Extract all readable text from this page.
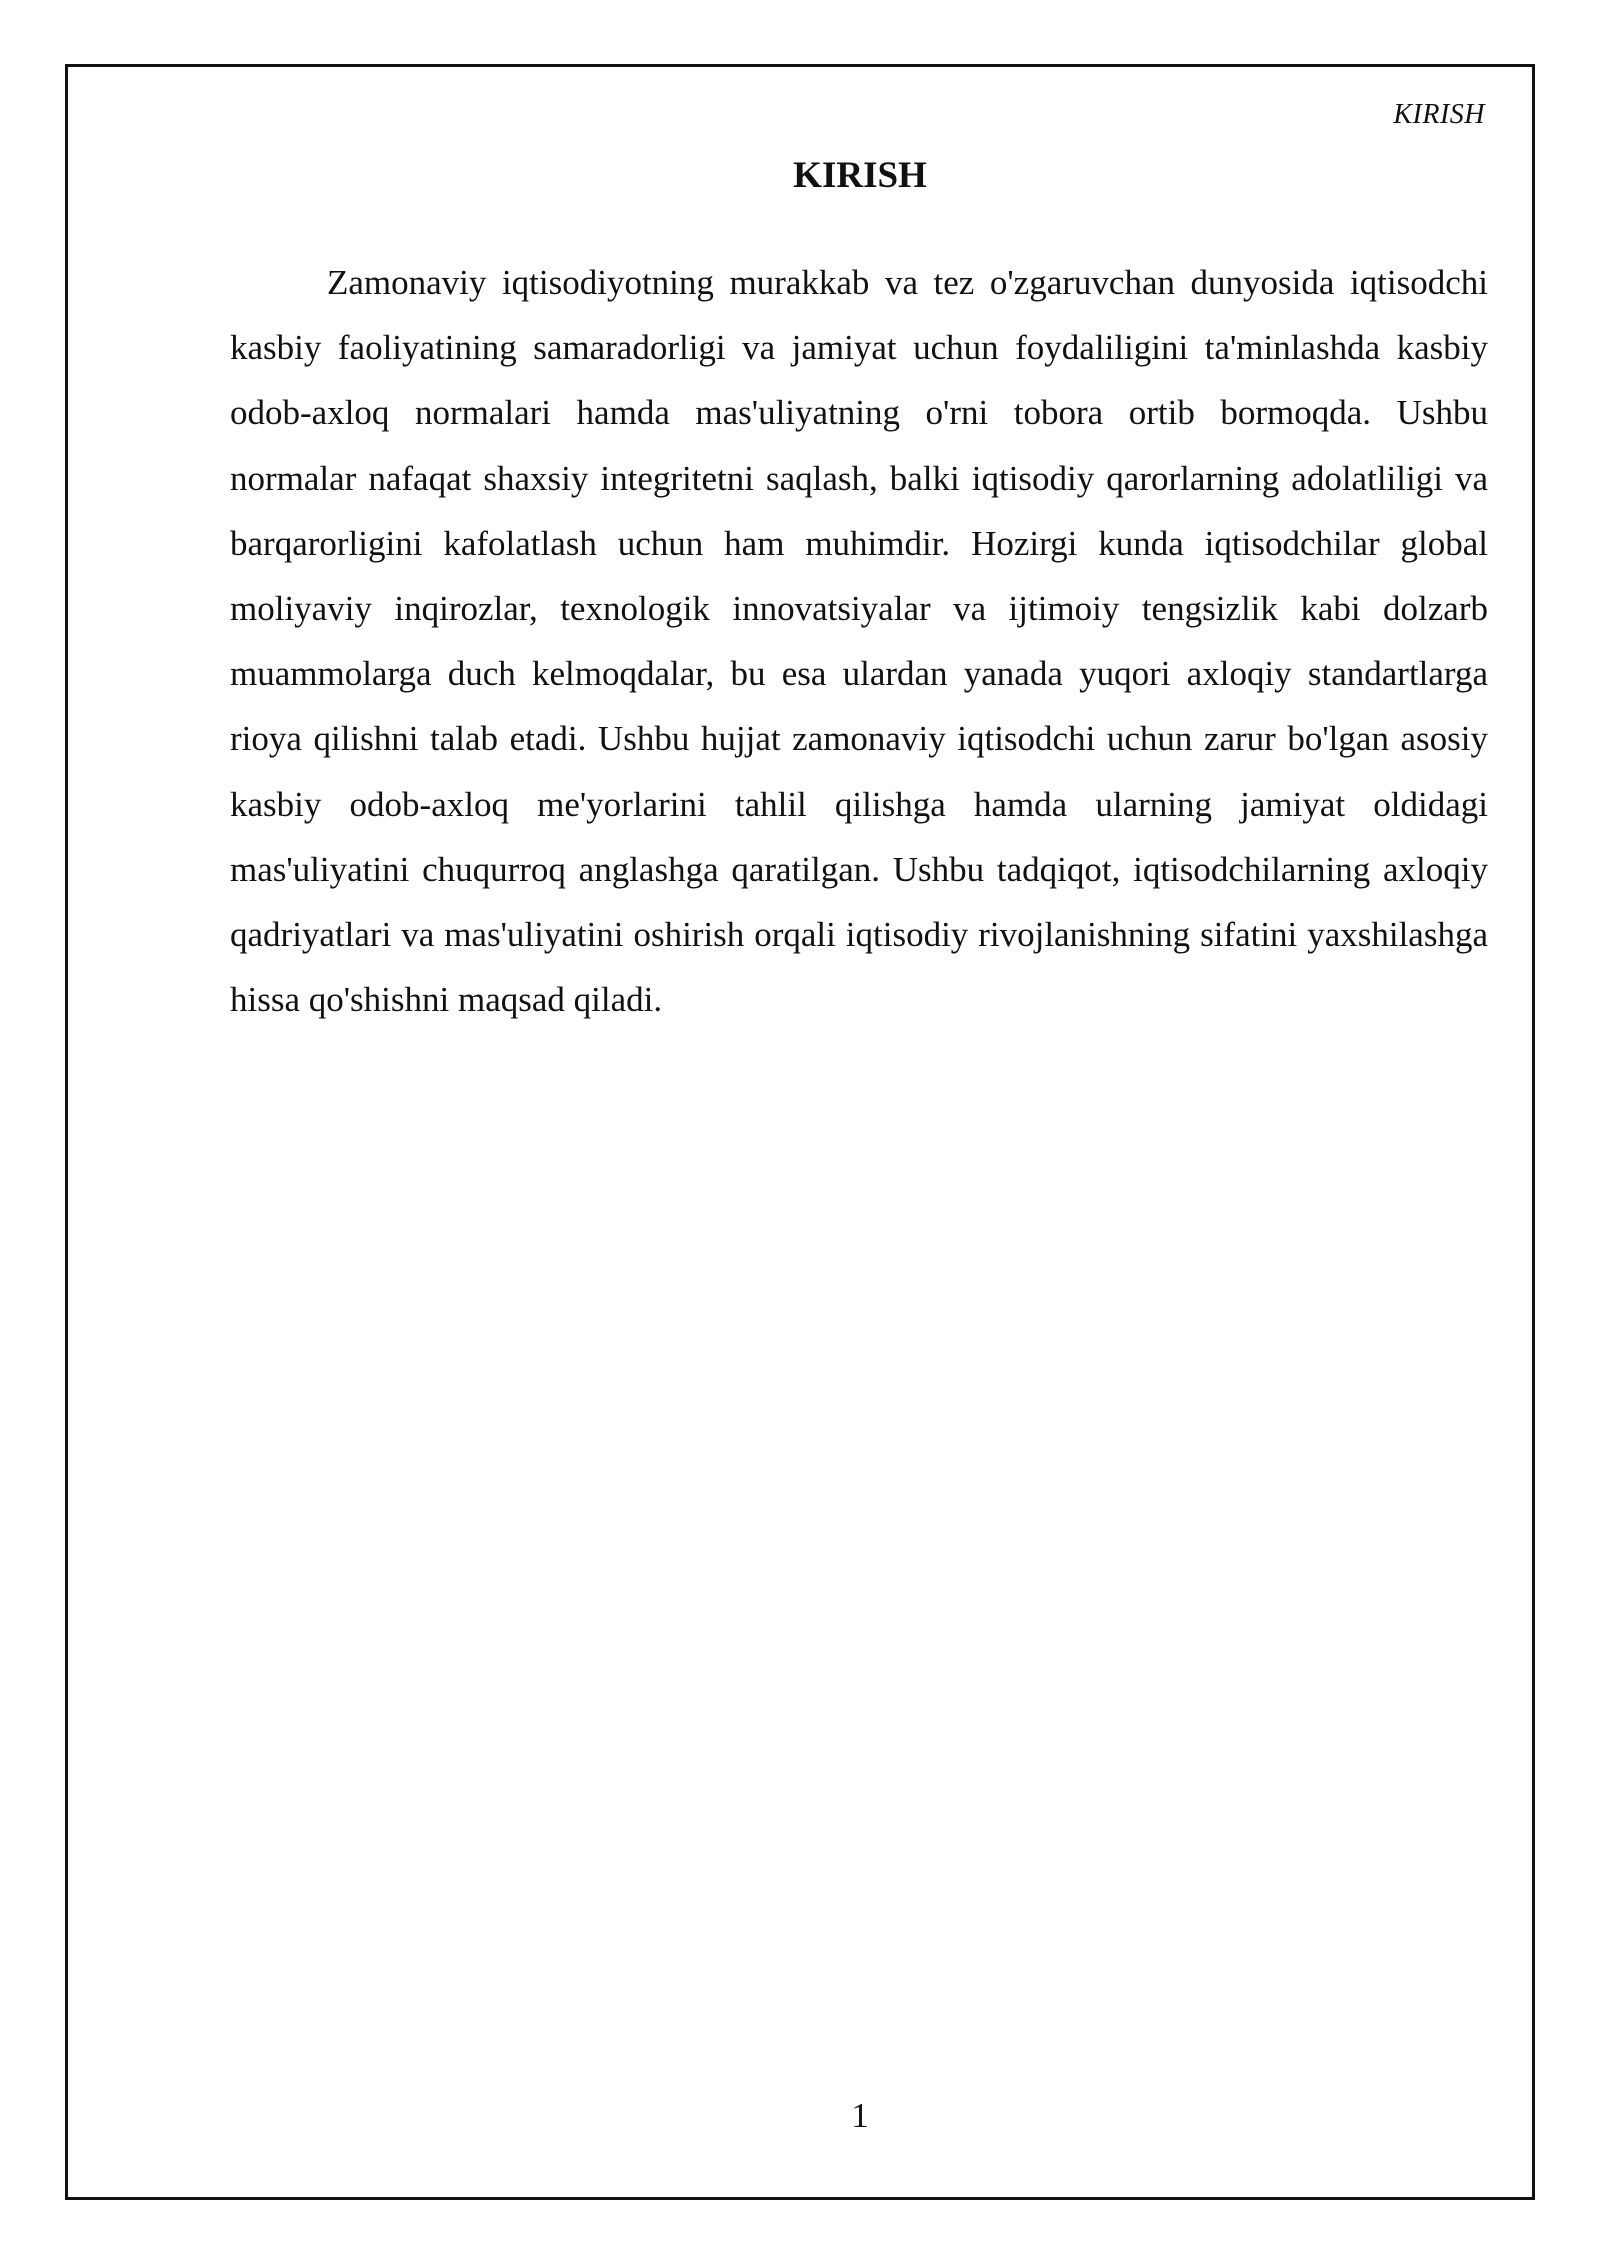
KIRISH
KIRISH

Zamonaviy iqtisodiyotning murakkab va tez o'zgaruvchan dunyosida iqtisodchi kasbiy faoliyatining samaradorligi va jamiyat uchun foydaliligini ta'minlashda kasbiy odob-axloq normalari hamda mas'uliyatning o'rni tobora ortib bormoqda. Ushbu normalar nafaqat shaxsiy integritetni saqlash, balki iqtisodiy qarorlarning adolatliligi va barqarorligini kafolatlash uchun ham muhimdir. Hozirgi kunda iqtisodchilar global moliyaviy inqirozlar, texnologik innovatsiyalar va ijtimoiy tengsizlik kabi dolzarb muammolarga duch kelmoqdalar, bu esa ulardan yanada yuqori axloqiy standartlarga rioya qilishni talab etadi. Ushbu hujjat zamonaviy iqtisodchi uchun zarur bo'lgan asosiy kasbiy odob-axloq me'yorlarini tahlil qilishga hamda ularning jamiyat oldidagi mas'uliyatini chuqurroq anglashga qaratilgan. Ushbu tadqiqot, iqtisodchilarning axloqiy qadriyatlari va mas'uliyatini oshirish orqali iqtisodiy rivojlanishning sifatini yaxshilashga hissa qo'shishni maqsad qiladi.

1
